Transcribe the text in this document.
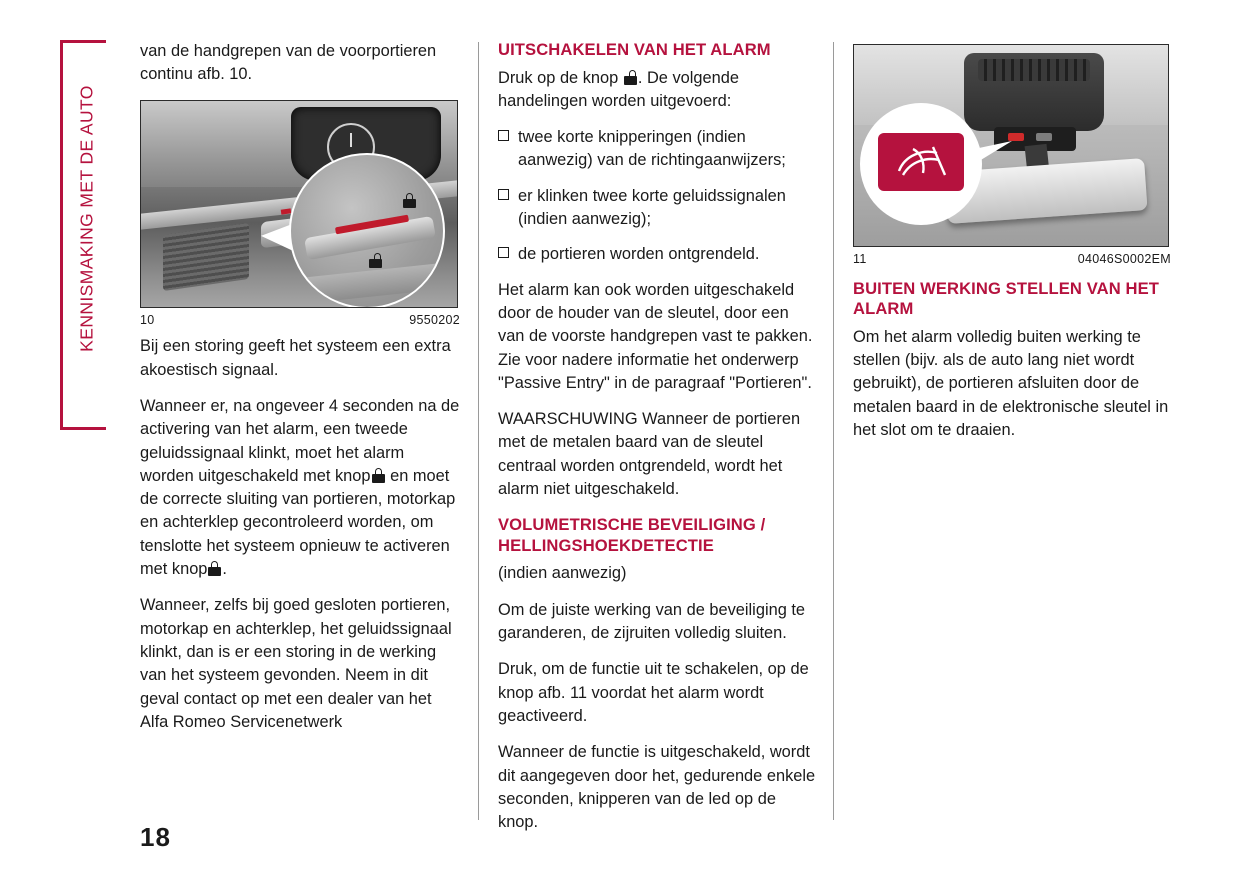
KENNISMAKING MET DE AUTO

van de handgrepen van de voorportieren continu afb. 10.

10	9550202

Bij een storing geeft het systeem een extra akoestisch signaal.

Wanneer er, na ongeveer 4 seconden na de activering van het alarm, een tweede geluidssignaal klinkt, moet het alarm worden uitgeschakeld met knop en moet de correcte sluiting van portieren, motorkap en achterklep gecontroleerd worden, om tenslotte het systeem opnieuw te activeren met knop .

Wanneer, zelfs bij goed gesloten portieren, motorkap en achterklep, het geluidssignaal klinkt, dan is er een storing in de werking van het systeem gevonden. Neem in dit geval contact op met een dealer van het Alfa Romeo Servicenetwerk

UITSCHAKELEN VAN HET ALARM

Druk op de knop . De volgende handelingen worden uitgevoerd:

twee korte knipperingen (indien aanwezig) van de richtingaanwijzers;
er klinken twee korte geluidssignalen (indien aanwezig);
de portieren worden ontgrendeld.

Het alarm kan ook worden uitgeschakeld door de houder van de sleutel, door een van de voorste handgrepen vast te pakken. Zie voor nadere informatie het onderwerp "Passive Entry" in de paragraaf "Portieren".

WAARSCHUWING Wanneer de portieren met de metalen baard van de sleutel centraal worden ontgrendeld, wordt het alarm niet uitgeschakeld.

VOLUMETRISCHE BEVEILIGING / HELLINGSHOEKDETECTIE

(indien aanwezig)

Om de juiste werking van de beveiliging te garanderen, de zijruiten volledig sluiten.

Druk, om de functie uit te schakelen, op de knop afb. 11 voordat het alarm wordt geactiveerd.

Wanneer de functie is uitgeschakeld, wordt dit aangegeven door het, gedurende enkele seconden, knipperen van de led op de knop.

11	04046S0002EM
BUITEN WERKING STELLEN VAN HET ALARM

Om het alarm volledig buiten werking te stellen (bijv. als de auto lang niet wordt gebruikt), de portieren afsluiten door de metalen baard in de elektronische sleutel in het slot om te draaien.

18
